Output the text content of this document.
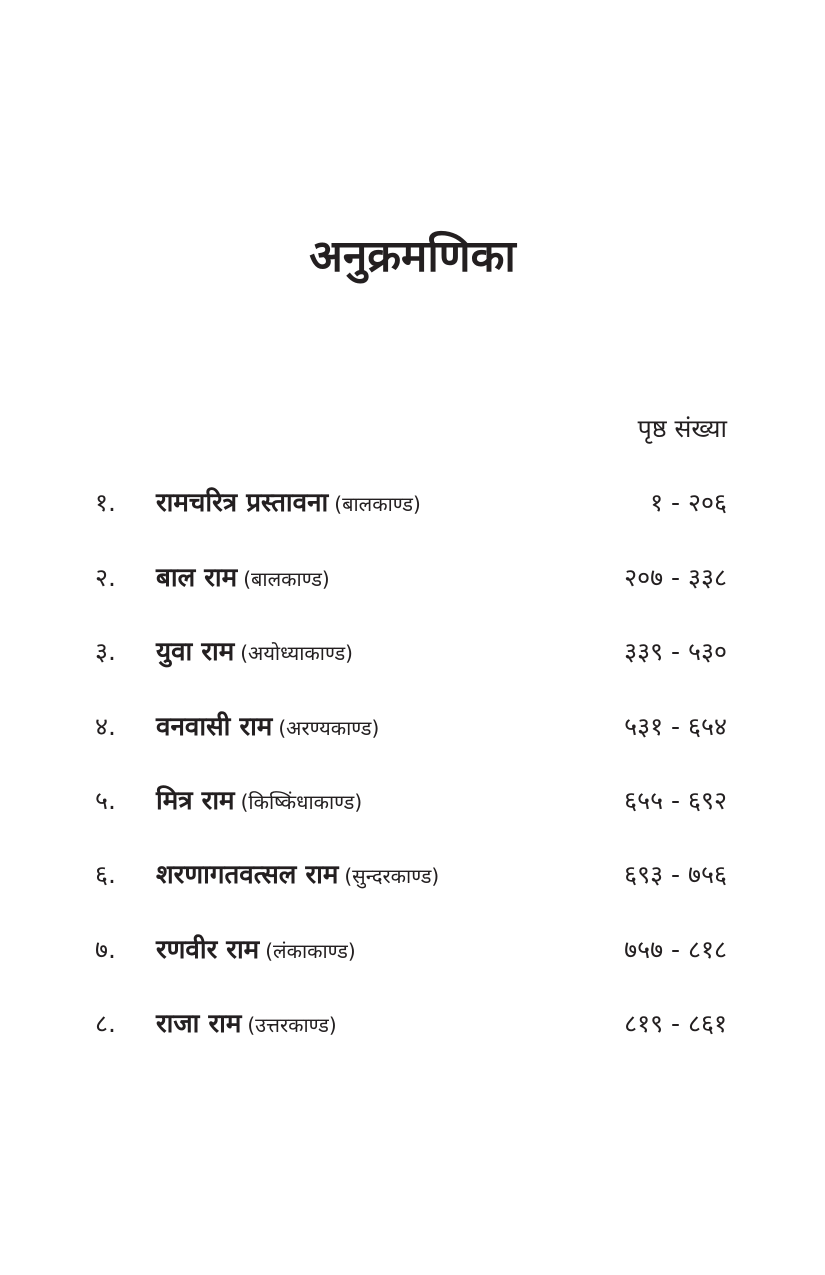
अनुक्रमणिका
पृष्ठ संख्या
१. रामचरित्र प्रस्तावना (बालकाण्ड)	१ - २०६
२. बाल राम (बालकाण्ड)	२०७ - ३३८
३. युवा राम (अयोध्याकाण्ड)	३३९ - ५३०
४. वनवासी राम (अरण्यकाण्ड)	५३१ - ६५४
५. मित्र राम (किष्किंधाकाण्ड)	६५५ - ६९२
६. शरणागतवत्सल राम (सुन्दरकाण्ड)	६९३ - ७५६
७. रणवीर राम (लंकाकाण्ड)	७५७ - ८१८
८. राजा राम (उत्तरकाण्ड)	८१९ - ८६१
